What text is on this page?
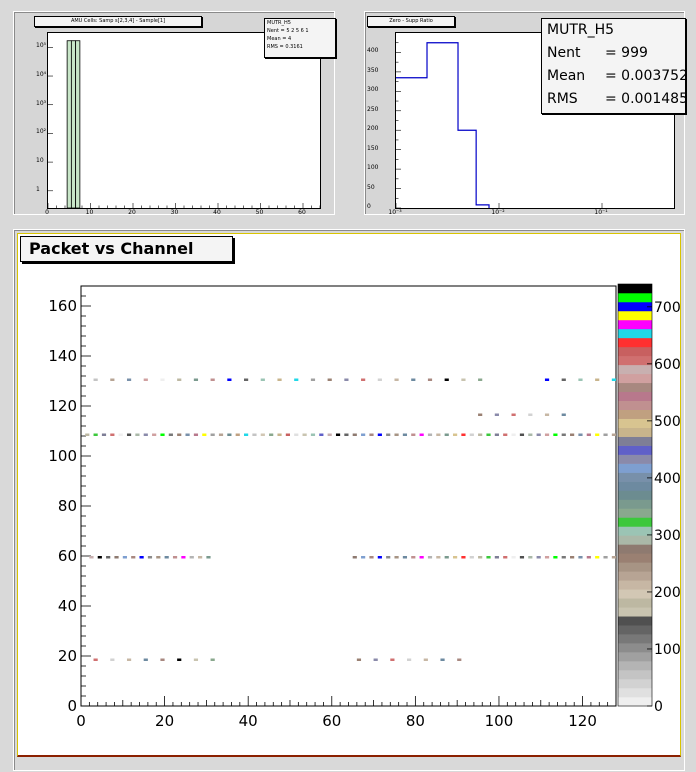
AMU Cells: Samp s[2,3,4] - Sample[1]	MUTR_H5
Nent = 5 2 5 6 1
Mean = 4
RMS = 0.3161
10⁵
10⁴
10³
10²
10
1
0	10	20	30	40	50	60
Zero - Supp Ratio
MUTR_H5
Nent = 999
Mean = 0.003752
RMS = 0.001485
0
50
100
150
200
250
300
350
400
10⁻³	10⁻²	10⁻¹
0
100
200
300
400
500
600
700
0	20	40	60	80	100	120
0
20
40
60
80
100
120
140
160
Packet vs Channel
